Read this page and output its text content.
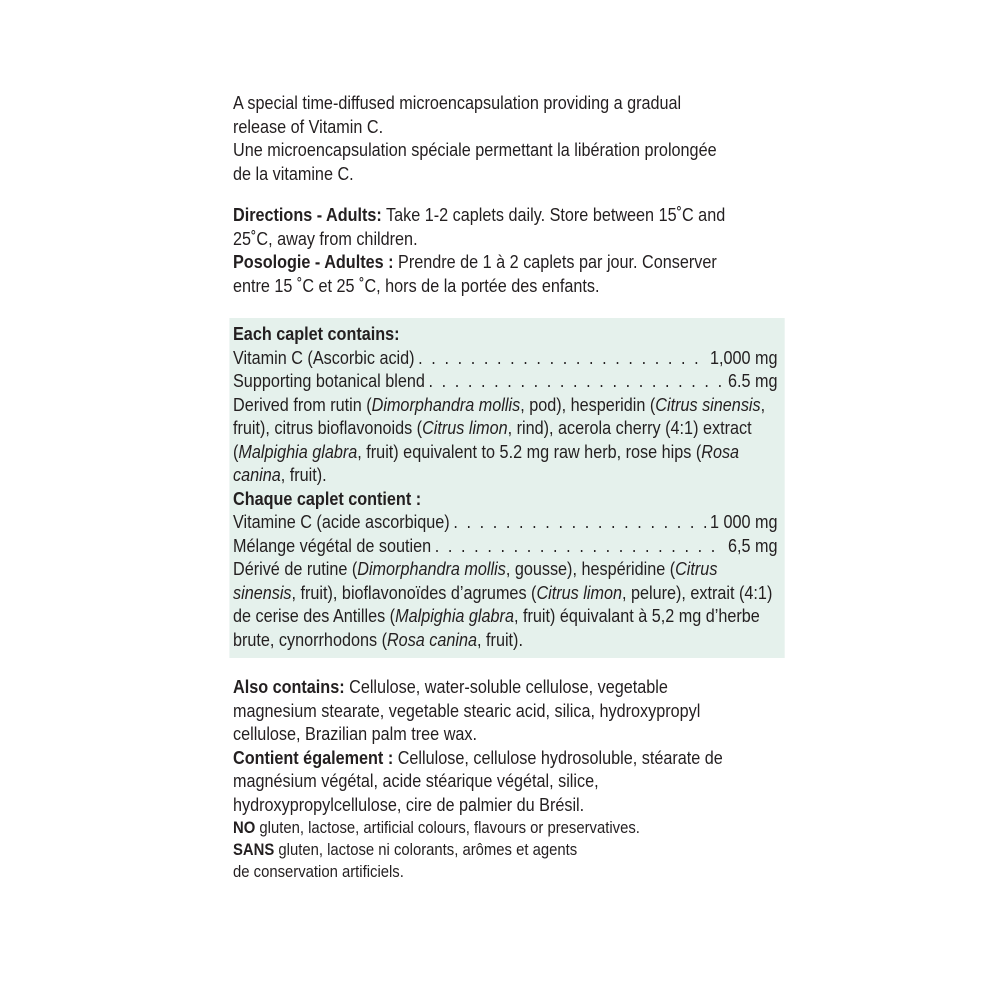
A special time-diffused microencapsulation providing a gradual release of Vitamin C.

Une microencapsulation spéciale permettant la libération prolongée de la vitamine C.

Directions - Adults: Take 1-2 caplets daily. Store between 15˚C and 25˚C, away from children.

Posologie - Adultes : Prendre de 1 à 2 caplets par jour. Conserver entre 15 ˚C et 25 ˚C, hors de la portée des enfants.

Each caplet contains:

Vitamin C (Ascorbic acid) . . .	1,000 mg
Supporting botanical blend . . .	6.5 mg

Derived from rutin (Dimorphandra mollis, pod), hesperidin (Citrus sinensis, fruit), citrus bioflavonoids (Citrus limon, rind), acerola cherry (4:1) extract (Malpighia glabra, fruit) equivalent to 5.2 mg raw herb, rose hips (Rosa canina, fruit).

Chaque caplet contient :

Vitamine C (acide ascorbique) . . .	1 000 mg
Mélange végétal de soutien . . .	6,5 mg

Dérivé de rutine (Dimorphandra mollis, gousse), hespéridine (Citrus sinensis, fruit), bioflavonoïdes d’agrumes (Citrus limon, pelure), extrait (4:1) de cerise des Antilles (Malpighia glabra, fruit) équivalant à 5,2 mg d’herbe brute, cynorrhodons (Rosa canina, fruit).

Also contains: Cellulose, water-soluble cellulose, vegetable magnesium stearate, vegetable stearic acid, silica, hydroxypropyl cellulose, Brazilian palm tree wax.

Contient également : Cellulose, cellulose hydrosoluble, stéarate de magnésium végétal, acide stéarique végétal, silice, hydroxypropylcellulose, cire de palmier du Brésil.

NO gluten, lactose, artificial colours, flavours or preservatives.

SANS gluten, lactose ni colorants, arômes et agents

de conservation artificiels.
